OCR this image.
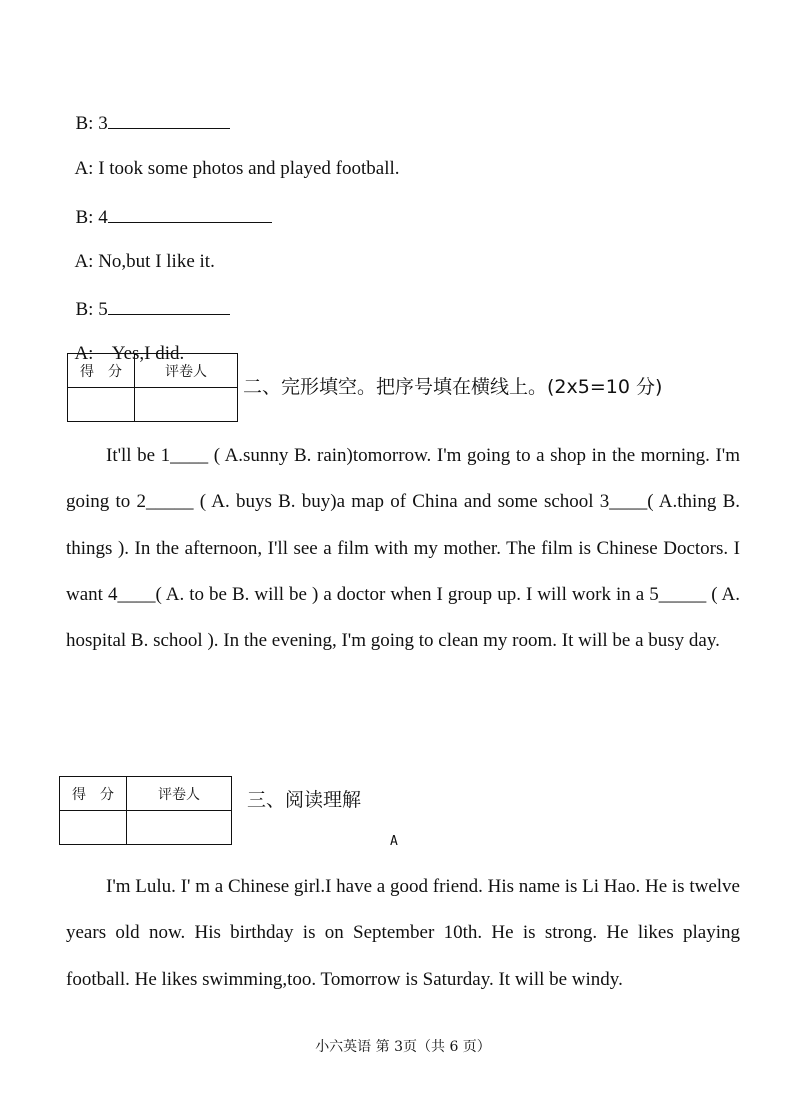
B: 3

A: I took some photos and played football.

B: 4

A: No,but I like it.

B: 5

A:    Yes,I did.

得　分	评卷人

二、完形填空。把序号填在横线上。(2x5=10 分)

It'll be 1____ ( A.sunny B. rain)tomorrow. I'm going to a shop in the morning. I'm going to 2_____ ( A. buys B. buy)a map of China and some school 3____( A.thing B. things ). In the afternoon, I'll see a film with my mother. The film is Chinese Doctors. I want 4____( A. to be B. will be ) a doctor when I group up. I will work in a 5_____ ( A. hospital B. school ). In the evening, I'm going to clean my room. It will be a busy day.

得　分	评卷人
	三、阅读理解
A

I'm Lulu. I' m a Chinese girl.I have a good friend. His name is Li Hao. He is twelve years old now. His birthday is on September 10th. He is strong. He likes playing football. He likes swimming,too. Tomorrow is Saturday. It will be windy.

小六英语 第 3页（共 6 页）
